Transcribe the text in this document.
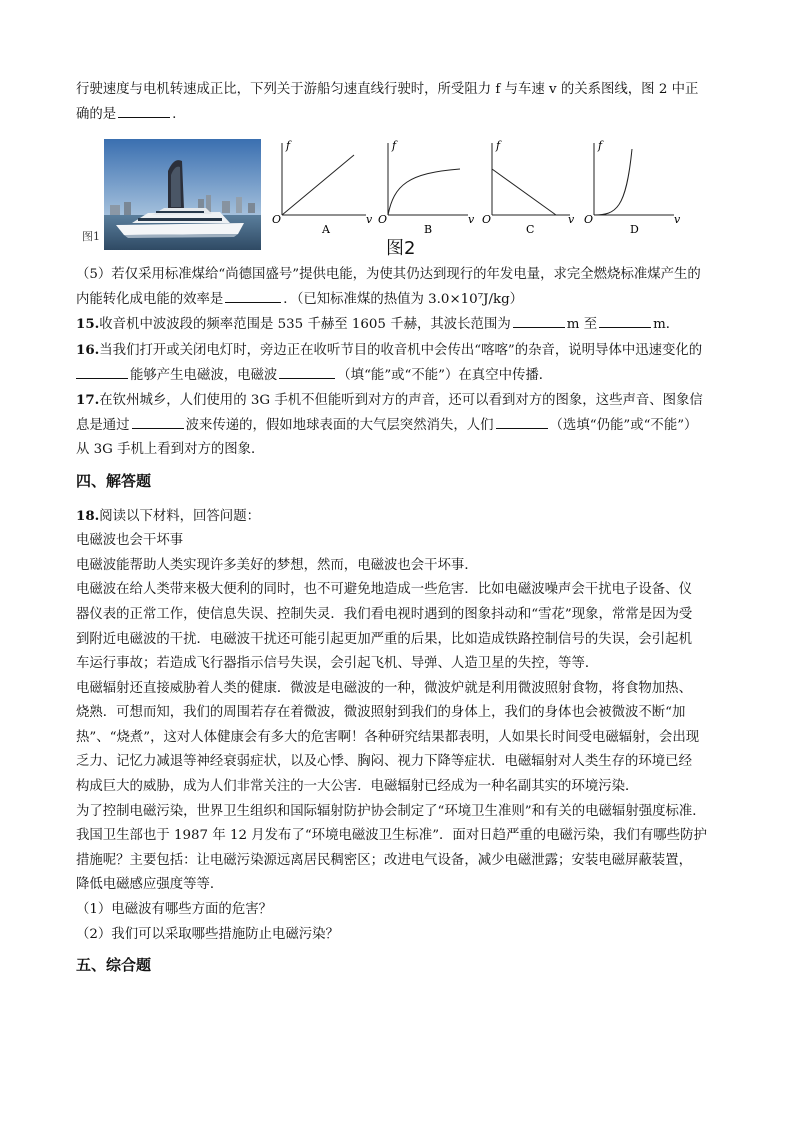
行驶速度与电机转速成正比，下列关于游船匀速直线行驶时，所受阻力 f 与车速 v 的关系图线，图 2 中正

确的是	.

图1
O
f
v
A
O
f
v
B
O
f
v
C
O
f
v
D
图2

（5）若仅采用标准煤给“尚德国盛号”提供电能，为使其仍达到现行的年发电量，求完全燃烧标准煤产生的

内能转化成电能的效率是	．（已知标准煤的热值为 3.0×10⁷J/kg）

15.收音机中波波段的频率范围是 535 千赫至 1605 千赫，其波长范围为	m 至	m．

16.当我们打开或关闭电灯时，旁边正在收听节目的收音机中会传出“喀喀”的杂音，说明导体中迅速变化的

能够产生电磁波，电磁波	（填“能”或“不能”）在真空中传播．

17.在钦州城乡，人们使用的 3G 手机不但能听到对方的声音，还可以看到对方的图象，这些声音、图象信

息是通过	波来传递的，假如地球表面的大气层突然消失，人们	（选填“仍能”或“不能”）

从 3G 手机上看到对方的图象．

四、解答题

18.阅读以下材料，回答问题：

电磁波也会干坏事

电磁波能帮助人类实现许多美好的梦想，然而，电磁波也会干坏事．

电磁波在给人类带来极大便利的同时，也不可避免地造成一些危害．比如电磁波噪声会干扰电子设备、仪

器仪表的正常工作，使信息失误、控制失灵．我们看电视时遇到的图象抖动和“雪花”现象，常常是因为受

到附近电磁波的干扰．电磁波干扰还可能引起更加严重的后果，比如造成铁路控制信号的失误，会引起机

车运行事故；若造成飞行器指示信号失误，会引起飞机、导弹、人造卫星的失控，等等．

电磁辐射还直接威胁着人类的健康．微波是电磁波的一种，微波炉就是利用微波照射食物，将食物加热、

烧熟．可想而知，我们的周围若存在着微波，微波照射到我们的身体上，我们的身体也会被微波不断“加

热”、“烧煮”，这对人体健康会有多大的危害啊！各种研究结果都表明，人如果长时间受电磁辐射，会出现

乏力、记忆力减退等神经衰弱症状，以及心悸、胸闷、视力下降等症状．电磁辐射对人类生存的环境已经

构成巨大的威胁，成为人们非常关注的一大公害．电磁辐射已经成为一种名副其实的环境污染．

为了控制电磁污染，世界卫生组织和国际辐射防护协会制定了“环境卫生准则”和有关的电磁辐射强度标准．

我国卫生部也于 1987 年 12 月发布了“环境电磁波卫生标准”．面对日趋严重的电磁污染，我们有哪些防护

措施呢？主要包括：让电磁污染源远离居民稠密区；改进电气设备，减少电磁泄露；安装电磁屏蔽装置，

降低电磁感应强度等等．

（1）电磁波有哪些方面的危害？

（2）我们可以采取哪些措施防止电磁污染？

五、综合题
